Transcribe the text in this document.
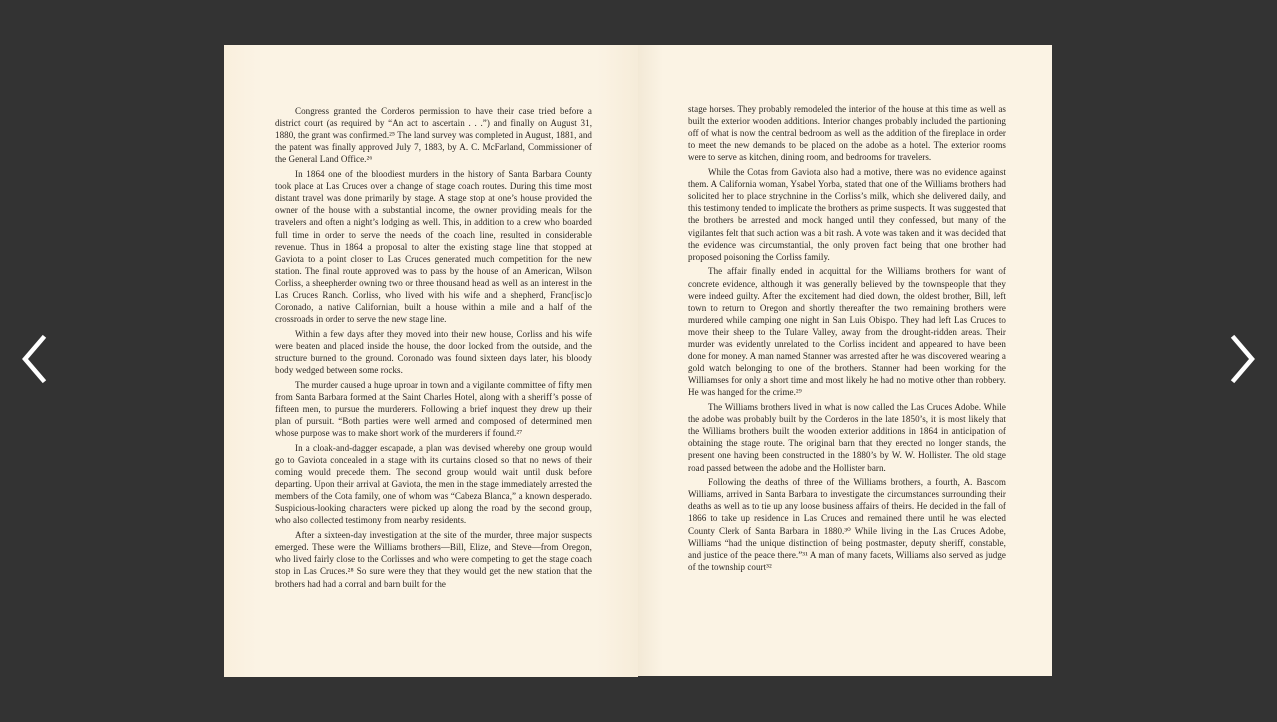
Congress granted the Corderos permission to have their case tried before a district court (as required by “An act to ascertain . . .”) and finally on August 31, 1880, the grant was confirmed.²⁵ The land survey was completed in August, 1881, and the patent was finally approved July 7, 1883, by A. C. McFarland, Commissioner of the General Land Office.²⁶

In 1864 one of the bloodiest murders in the history of Santa Barbara County took place at Las Cruces over a change of stage coach routes. During this time most distant travel was done primarily by stage. A stage stop at one’s house provided the owner of the house with a substantial income, the owner providing meals for the travelers and often a night’s lodging as well. This, in addition to a crew who boarded full time in order to serve the needs of the coach line, resulted in considerable revenue. Thus in 1864 a proposal to alter the existing stage line that stopped at Gaviota to a point closer to Las Cruces generated much competition for the new station. The final route approved was to pass by the house of an American, Wilson Corliss, a sheepherder owning two or three thousand head as well as an interest in the Las Cruces Ranch. Corliss, who lived with his wife and a shepherd, Franc[isc]o Coronado, a native Californian, built a house within a mile and a half of the crossroads in order to serve the new stage line.

Within a few days after they moved into their new house, Corliss and his wife were beaten and placed inside the house, the door locked from the outside, and the structure burned to the ground. Coronado was found sixteen days later, his bloody body wedged between some rocks.

The murder caused a huge uproar in town and a vigilante committee of fifty men from Santa Barbara formed at the Saint Charles Hotel, along with a sheriff’s posse of fifteen men, to pursue the murderers. Following a brief inquest they drew up their plan of pursuit. “Both parties were well armed and composed of determined men whose purpose was to make short work of the murderers if found.²⁷

In a cloak-and-dagger escapade, a plan was devised whereby one group would go to Gaviota concealed in a stage with its curtains closed so that no news of their coming would precede them. The second group would wait until dusk before departing. Upon their arrival at Gaviota, the men in the stage immediately arrested the members of the Cota family, one of whom was “Cabeza Blanca,” a known desperado. Suspicious-looking characters were picked up along the road by the second group, who also collected testimony from nearby residents.

After a sixteen-day investigation at the site of the murder, three major suspects emerged. These were the Williams brothers—Bill, Elize, and Steve—from Oregon, who lived fairly close to the Corlisses and who were competing to get the stage coach stop in Las Cruces.²⁸ So sure were they that they would get the new station that the brothers had had a corral and barn built for the

stage horses. They probably remodeled the interior of the house at this time as well as built the exterior wooden additions. Interior changes probably included the partioning off of what is now the central bedroom as well as the addition of the fireplace in order to meet the new demands to be placed on the adobe as a hotel. The exterior rooms were to serve as kitchen, dining room, and bedrooms for travelers.

While the Cotas from Gaviota also had a motive, there was no evidence against them. A California woman, Ysabel Yorba, stated that one of the Williams brothers had solicited her to place strychnine in the Corliss’s milk, which she delivered daily, and this testimony tended to implicate the brothers as prime suspects. It was suggested that the brothers be arrested and mock hanged until they confessed, but many of the vigilantes felt that such action was a bit rash. A vote was taken and it was decided that the evidence was circumstantial, the only proven fact being that one brother had proposed poisoning the Corliss family.

The affair finally ended in acquittal for the Williams brothers for want of concrete evidence, although it was generally believed by the townspeople that they were indeed guilty. After the excitement had died down, the oldest brother, Bill, left town to return to Oregon and shortly thereafter the two remaining brothers were murdered while camping one night in San Luis Obispo. They had left Las Cruces to move their sheep to the Tulare Valley, away from the drought-ridden areas. Their murder was evidently unrelated to the Corliss incident and appeared to have been done for money. A man named Stanner was arrested after he was discovered wearing a gold watch belonging to one of the brothers. Stanner had been working for the Williamses for only a short time and most likely he had no motive other than robbery. He was hanged for the crime.²⁹

The Williams brothers lived in what is now called the Las Cruces Adobe. While the adobe was probably built by the Corderos in the late 1850’s, it is most likely that the Williams brothers built the wooden exterior additions in 1864 in anticipation of obtaining the stage route. The original barn that they erected no longer stands, the present one having been constructed in the 1880’s by W. W. Hollister. The old stage road passed between the adobe and the Hollister barn.

Following the deaths of three of the Williams brothers, a fourth, A. Bascom Williams, arrived in Santa Barbara to investigate the circumstances surrounding their deaths as well as to tie up any loose business affairs of theirs. He decided in the fall of 1866 to take up residence in Las Cruces and remained there until he was elected County Clerk of Santa Barbara in 1880.³⁰ While living in the Las Cruces Adobe, Williams “had the unique distinction of being postmaster, deputy sheriff, constable, and justice of the peace there.”³¹ A man of many facets, Williams also served as judge of the township court³²
